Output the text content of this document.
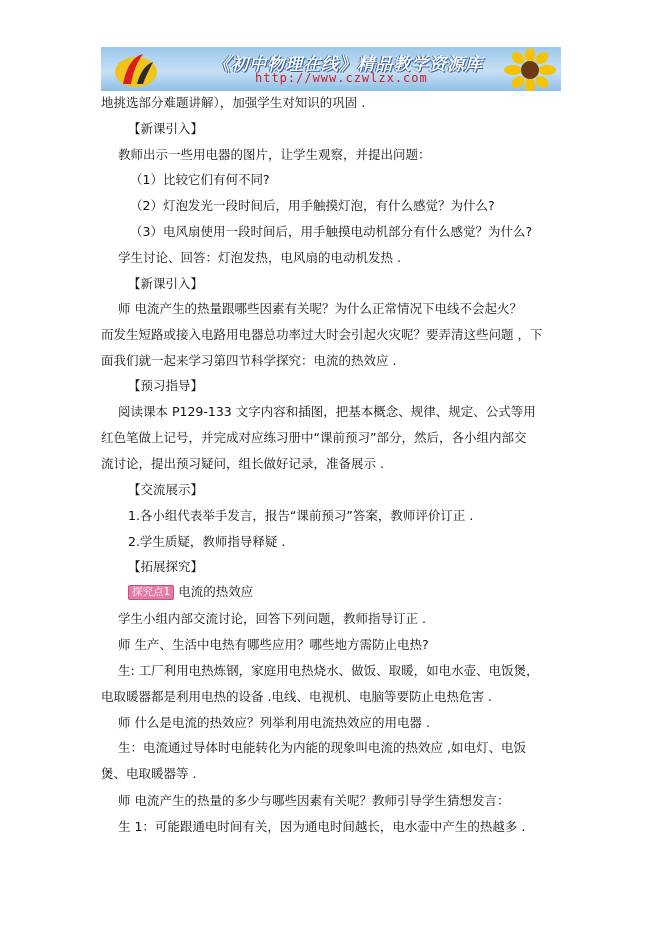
《初中物理在线》精品教学资源库
http://www.czwlzx.com
地挑选部分难题讲解），加强学生对知识的巩固 .
【新课引入】
教师出示一些用电器的图片，让学生观察，并提出问题：
（1）比较它们有何不同?
（2）灯泡发光一段时间后，用手触摸灯泡，有什么感觉？为什么?
（3）电风扇使用一段时间后，用手触摸电动机部分有什么感觉？为什么?
学生讨论、回答：灯泡发热，电风扇的电动机发热 .
【新课引入】
师 电流产生的热量跟哪些因素有关呢？为什么正常情况下电线不会起火？
而发生短路或接入电路用电器总功率过大时会引起火灾呢？要弄清这些问题 ，下
面我们就一起来学习第四节科学探究：电流的热效应 .
【预习指导】
阅读课本 P129-133 文字内容和插图，把基本概念、规律、规定、公式等用
红色笔做上记号，并完成对应练习册中“课前预习”部分，然后，各小组内部交
流讨论，提出预习疑问，组长做好记录，准备展示 .
【交流展示】
1.各小组代表举手发言，报告“课前预习”答案，教师评价订正 .
2.学生质疑，教师指导释疑 .
【拓展探究】
探究点1 电流的热效应
学生小组内部交流讨论，回答下列问题，教师指导订正 .
师 生产、生活中电热有哪些应用？哪些地方需防止电热?
生: 工厂利用电热炼钢，家庭用电热烧水、做饭、取暖，如电水壶、电饭煲，
电取暖器都是利用电热的设备 .电线、电视机、电脑等要防止电热危害 .
师 什么是电流的热效应？列举利用电流热效应的用电器 .
生：电流通过导体时电能转化为内能的现象叫电流的热效应 ,如电灯、电饭
煲、电取暖器等 .
师 电流产生的热量的多少与哪些因素有关呢？教师引导学生猜想发言：
生 1：可能跟通电时间有关，因为通电时间越长，电水壶中产生的热越多 .
